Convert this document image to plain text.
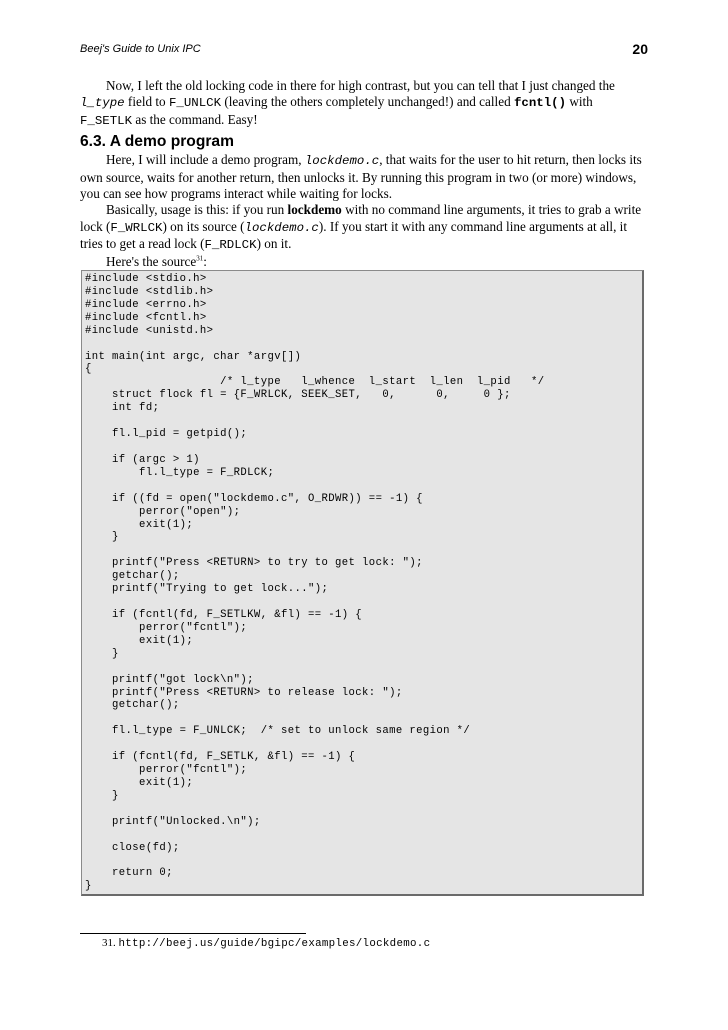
Beej's Guide to Unix IPC	20

Now, I left the old locking code in there for high contrast, but you can tell that I just changed the l_type field to F_UNLCK (leaving the others completely unchanged!) and called fcntl() with F_SETLK as the command. Easy!

6.3. A demo program

Here, I will include a demo program, lockdemo.c, that waits for the user to hit return, then locks its own source, waits for another return, then unlocks it. By running this program in two (or more) windows, you can see how programs interact while waiting for locks.

Basically, usage is this: if you run lockdemo with no command line arguments, it tries to grab a write lock (F_WRLCK) on its source (lockdemo.c). If you start it with any command line arguments at all, it tries to get a read lock (F_RDLCK) on it.

Here's the source$^{31}$:

#include <stdio.h>
#include <stdlib.h>
#include <errno.h>
#include <fcntl.h>
#include <unistd.h>

int main(int argc, char *argv[])
{
/* l_type   l_whence  l_start  l_len  l_pid   */
struct flock fl = {F_WRLCK, SEEK_SET,   0,      0,     0 };
int fd;

fl.l_pid = getpid();

if (argc > 1)
fl.l_type = F_RDLCK;

if ((fd = open("lockdemo.c", O_RDWR)) == -1) {
perror("open");
exit(1);
}

printf("Press <RETURN> to try to get lock: ");
getchar();
printf("Trying to get lock...");

if (fcntl(fd, F_SETLKW, &fl) == -1) {
perror("fcntl");
exit(1);
}

printf("got lock\n");
printf("Press <RETURN> to release lock: ");
getchar();

fl.l_type = F_UNLCK;  /* set to unlock same region */

if (fcntl(fd, F_SETLK, &fl) == -1) {
perror("fcntl");
exit(1);
}

printf("Unlocked.\n");

close(fd);

return 0;
}
31. http://beej.us/guide/bgipc/examples/lockdemo.c
